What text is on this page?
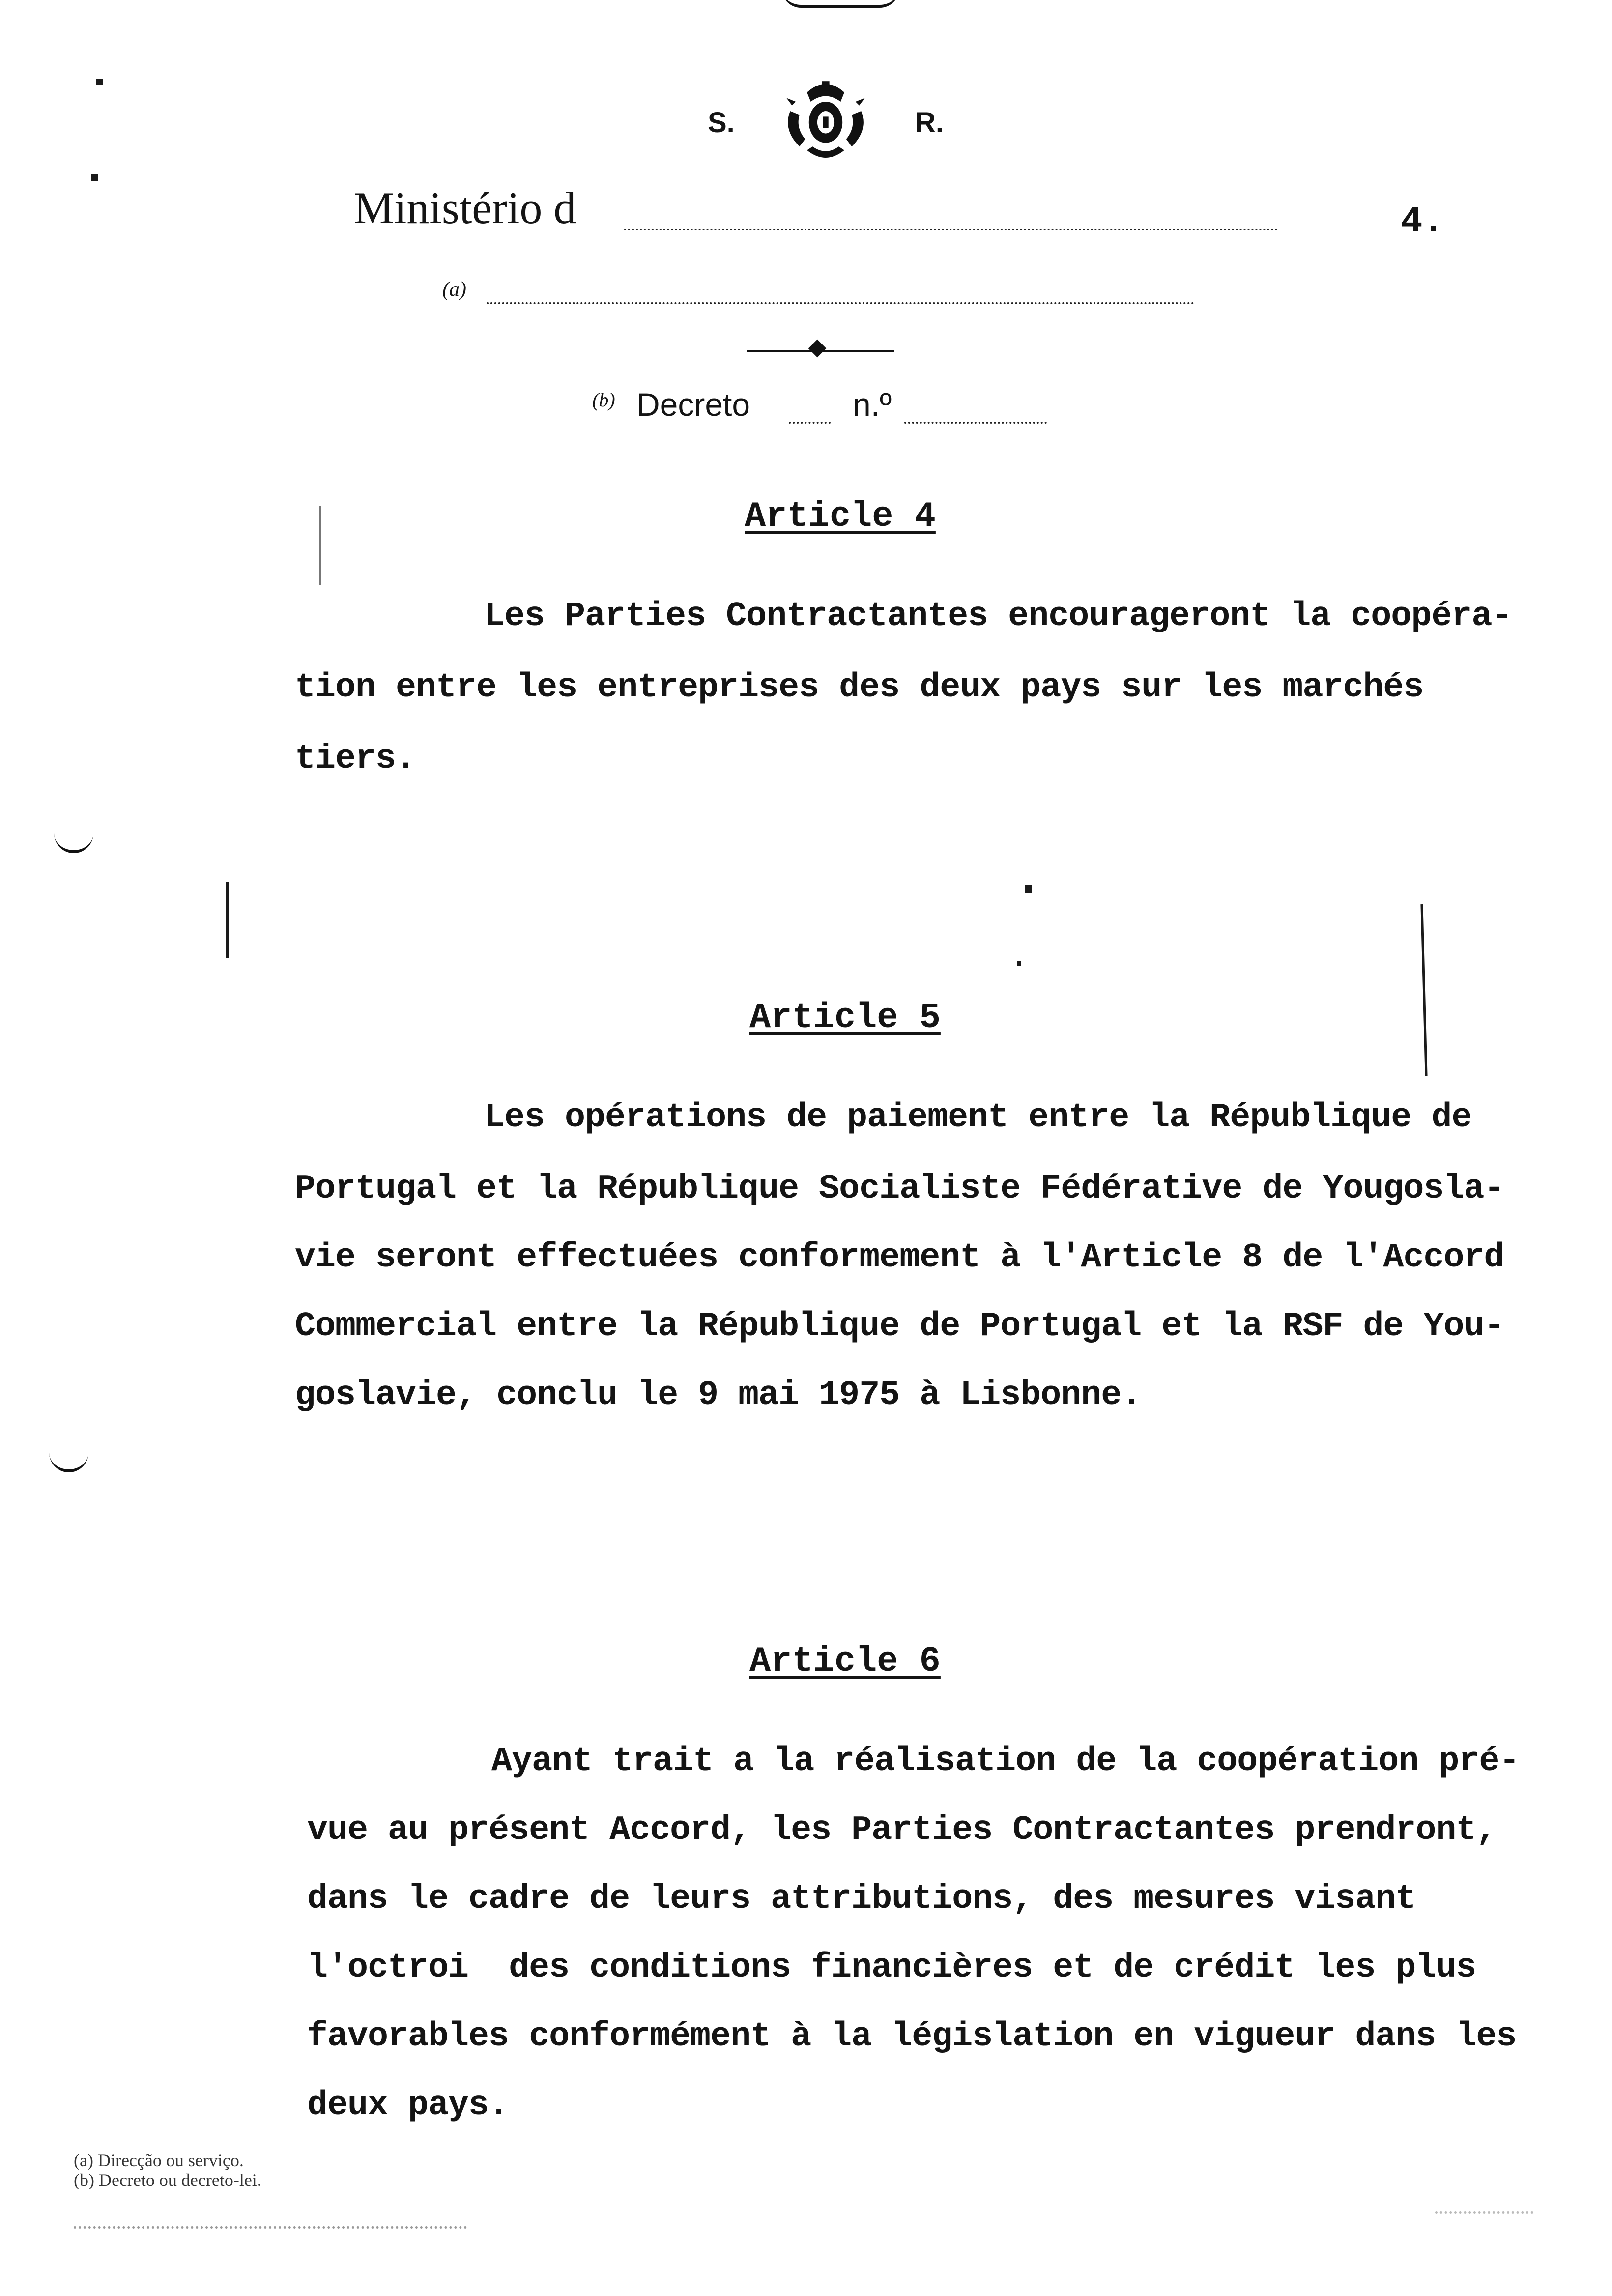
S.	R.
Ministério d	4.
(a)
(b) Decreto	n.º
Article 4
Les Parties Contractantes encourageront la coopéra-
tion entre les entreprises des deux pays sur les marchés
tiers.
Article 5
Les opérations de paiement entre la République de
Portugal et la République Socialiste Fédérative de Yougosla-
vie seront effectuées conformement à l'Article 8 de l'Accord
Commercial entre la République de Portugal et la RSF de You-
goslavie, conclu le 9 mai 1975 à Lisbonne.
Article 6
Ayant trait a la réalisation de la coopération pré-
vue au présent Accord, les Parties Contractantes prendront,
dans le cadre de leurs attributions, des mesures visant
l'octroi  des conditions financières et de crédit les plus
favorables conformément à la législation en vigueur dans les
deux pays.
(a) Direcção ou serviço.
(b) Decreto ou decreto-lei.
